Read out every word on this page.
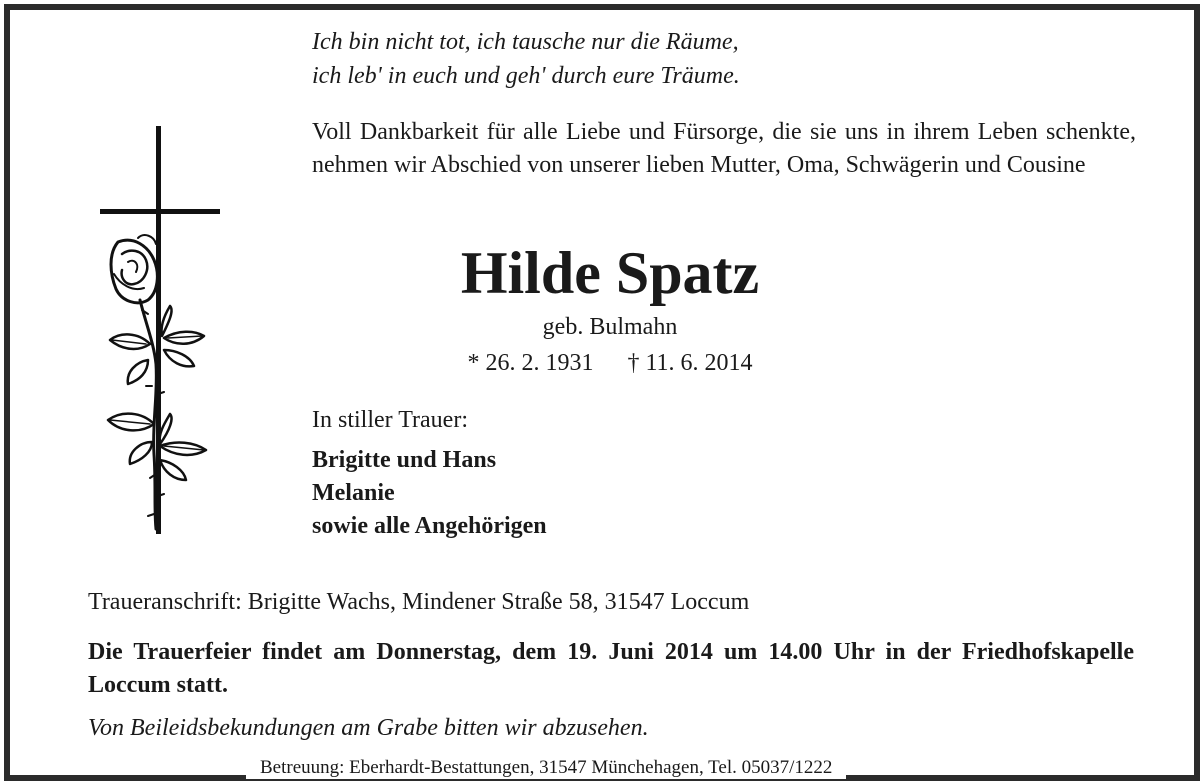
Ich bin nicht tot, ich tausche nur die Räume,

ich leb' in euch und geh' durch eure Träume.

Voll Dankbarkeit für alle Liebe und Fürsorge, die sie uns in ihrem Leben schenkte, nehmen wir Abschied von unserer lieben Mutter, Oma, Schwägerin und Cousine

Hilde Spatz

geb. Bulmahn

* 26. 2. 1931 † 11. 6. 2014

In stiller Trauer:

Brigitte und Hans

Melanie

sowie alle Angehörigen

Traueranschrift: Brigitte Wachs, Mindener Straße 58, 31547 Loccum

Die Trauerfeier findet am Donnerstag, dem 19. Juni 2014 um 14.00 Uhr in der Friedhofskapelle Loccum statt.

Von Beileidsbekundungen am Grabe bitten wir abzusehen.

Betreuung: Eberhardt-Bestattungen, 31547 Münchehagen, Tel. 05037/1222
